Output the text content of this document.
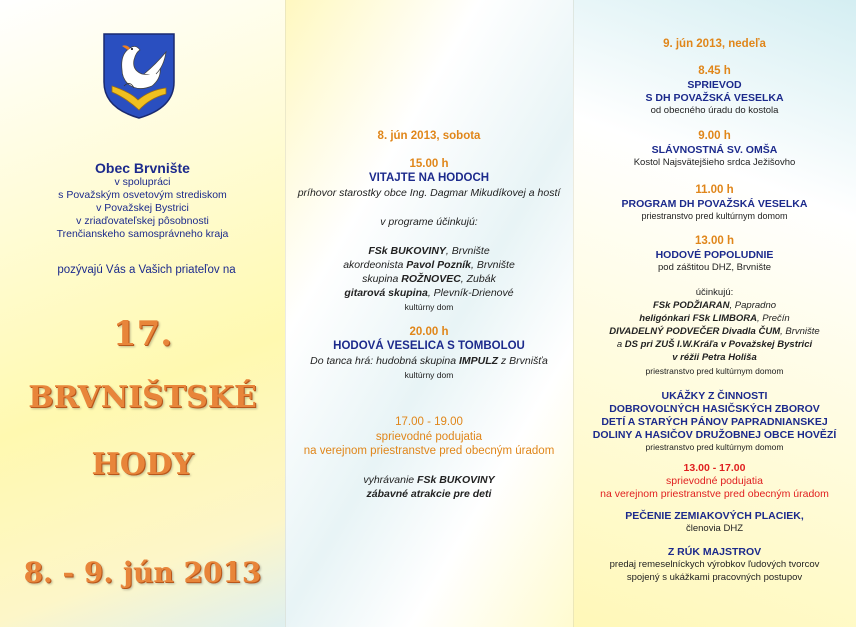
Obec Brvnište
v spolupráci
s Považským osvetovým strediskom
v Považskej Bystrici
v zriaďovateľskej pôsobnosti
Trenčianskeho samosprávneho kraja
pozývajú Vás a Vašich priateľov na
17.
BRVNIŠTSKÉ
HODY
8. - 9. jún 2013
8. jún 2013, sobota
15.00 h
VITAJTE NA HODOCH
príhovor starostky obce Ing. Dagmar Mikudíkovej a hostí
v programe účinkujú:
FSk BUKOVINY, Brvnište
akordeonista Pavol Pozník, Brvnište
skupina ROŽNOVEC, Zubák
gitarová skupina, Plevník-Drienové
kultúrny dom
20.00 h
HODOVÁ VESELICA S TOMBOLOU
Do tanca hrá: hudobná skupina IMPULZ z Brvnišťa
kultúrny dom
17.00 - 19.00
sprievodné podujatia
na verejnom priestranstve pred obecným úradom
vyhrávanie FSk BUKOVINY
zábavné atrakcie pre deti
9. jún 2013, nedeľa
8.45 h
SPRIEVOD
S DH POVAŽSKÁ VESELKA
od obecného úradu do kostola
9.00 h
SLÁVNOSTNÁ SV. OMŠA
Kostol Najsvätejšieho srdca Ježišovho
11.00 h
PROGRAM DH POVAŽSKÁ VESELKA
priestranstvo pred kultúrnym domom
13.00 h
HODOVÉ POPOLUDNIE
pod záštitou DHZ, Brvnište
účinkujú:
FSk PODŽIARAN, Papradno
heligónkari FSk LIMBORA, Prečín
DIVADELNÝ PODVEČER Divadla ČUM, Brvnište
a DS pri ZUŠ I.W.Kráľa v Považskej Bystrici
v réžii Petra Holiša
priestranstvo pred kultúrnym domom
UKÁŽKY Z ČINNOSTI
DOBROVOĽNÝCH HASIČSKÝCH ZBOROV
DETÍ A STARÝCH PÁNOV PAPRADNIANSKEJ
DOLINY A HASIČOV DRUŽOBNEJ OBCE HOVĚZÍ
priestranstvo pred kultúrnym domom
13.00 - 17.00
sprievodné podujatia
na verejnom priestranstve pred obecným úradom
PEČENIE ZEMIAKOVÝCH PLACIEK,
členovia DHZ
Z RÚK MAJSTROV
predaj remeselníckych výrobkov ľudových tvorcov
spojený s ukážkami pracovných postupov
